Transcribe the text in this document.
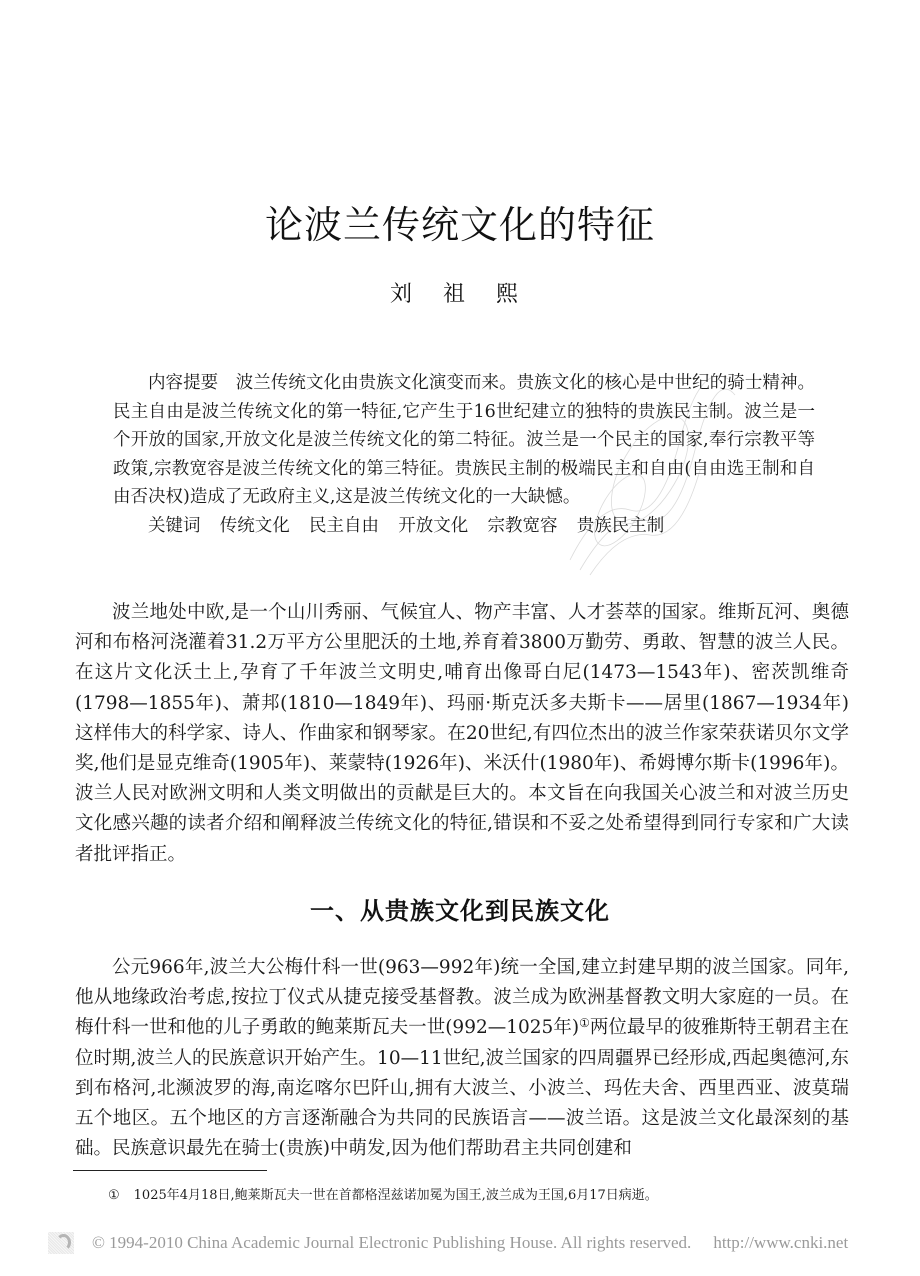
论波兰传统文化的特征
刘 祖 熙

内容提要 波兰传统文化由贵族文化演变而来。贵族文化的核心是中世纪的骑士精神。民主自由是波兰传统文化的第一特征,它产生于16世纪建立的独特的贵族民主制。波兰是一个开放的国家,开放文化是波兰传统文化的第二特征。波兰是一个民主的国家,奉行宗教平等政策,宗教宽容是波兰传统文化的第三特征。贵族民主制的极端民主和自由(自由选王制和自由否决权)造成了无政府主义,这是波兰传统文化的一大缺憾。

关键词 传统文化 民主自由 开放文化 宗教宽容 贵族民主制

波兰地处中欧,是一个山川秀丽、气候宜人、物产丰富、人才荟萃的国家。维斯瓦河、奥德河和布格河浇灌着31.2万平方公里肥沃的土地,养育着3800万勤劳、勇敢、智慧的波兰人民。在这片文化沃土上,孕育了千年波兰文明史,哺育出像哥白尼(1473—1543年)、密茨凯维奇(1798—1855年)、萧邦(1810—1849年)、玛丽·斯克沃多夫斯卡——居里(1867—1934年)这样伟大的科学家、诗人、作曲家和钢琴家。在20世纪,有四位杰出的波兰作家荣获诺贝尔文学奖,他们是显克维奇(1905年)、莱蒙特(1926年)、米沃什(1980年)、希姆博尔斯卡(1996年)。波兰人民对欧洲文明和人类文明做出的贡献是巨大的。本文旨在向我国关心波兰和对波兰历史文化感兴趣的读者介绍和阐释波兰传统文化的特征,错误和不妥之处希望得到同行专家和广大读者批评指正。

一、从贵族文化到民族文化

公元966年,波兰大公梅什科一世(963—992年)统一全国,建立封建早期的波兰国家。同年,他从地缘政治考虑,按拉丁仪式从捷克接受基督教。波兰成为欧洲基督教文明大家庭的一员。在梅什科一世和他的儿子勇敢的鲍莱斯瓦夫一世(992—1025年)①两位最早的彼雅斯特王朝君主在位时期,波兰人的民族意识开始产生。10—11世纪,波兰国家的四周疆界已经形成,西起奥德河,东到布格河,北濒波罗的海,南迄喀尔巴阡山,拥有大波兰、小波兰、玛佐夫舍、西里西亚、波莫瑞五个地区。五个地区的方言逐渐融合为共同的民族语言——波兰语。这是波兰文化最深刻的基础。民族意识最先在骑士(贵族)中萌发,因为他们帮助君主共同创建和

① 1025年4月18日,鲍莱斯瓦夫一世在首都格涅兹诺加冕为国王,波兰成为王国,6月17日病逝。
© 1994-2010 China Academic Journal Electronic Publishing House. All rights reserved. http://www.cnki.net
